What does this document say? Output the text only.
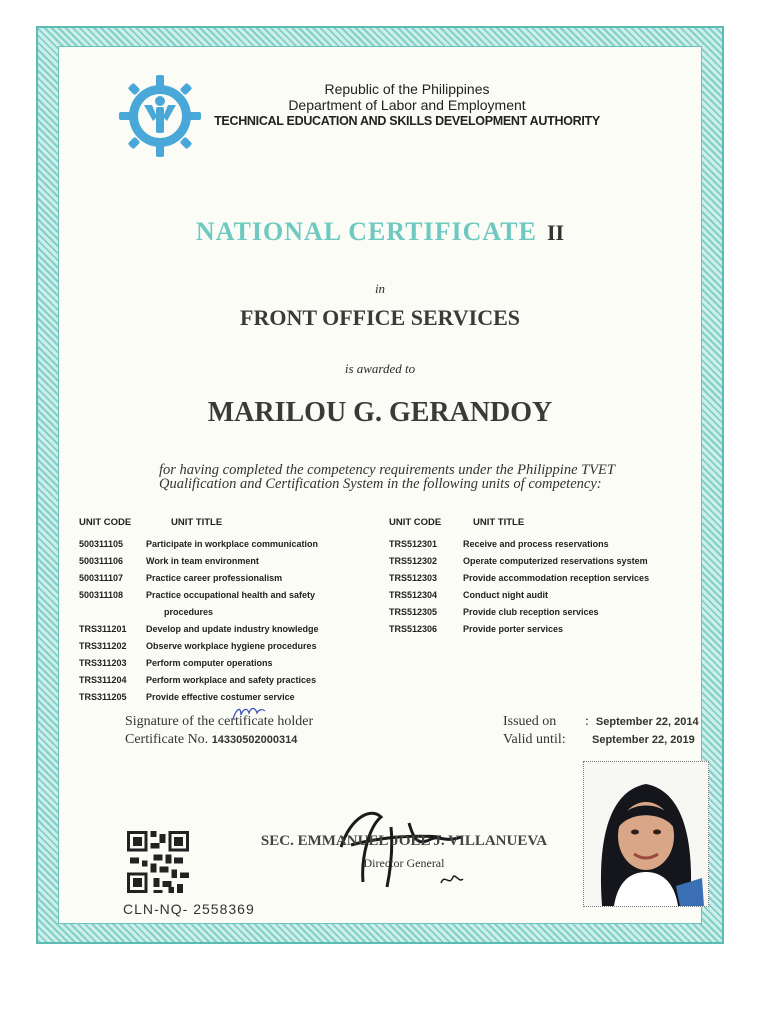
Republic of the Philippines
Department of Labor and Employment
TECHNICAL EDUCATION AND SKILLS DEVELOPMENT AUTHORITY
NATIONAL CERTIFICATE II
in
FRONT OFFICE SERVICES
is awarded to
MARILOU G. GERANDOY
for having completed the competency requirements under the Philippine TVET Qualification and Certification System in the following units of competency:
UNIT CODE	UNIT TITLE
500311105	Participate in workplace communication
500311106	Work in team environment
500311107	Practice career professionalism
500311108	Practice occupational health and safety
procedures
TRS311201 Develop and update industry knowledge
TRS311202 Observe workplace hygiene procedures
TRS311203 Perform computer operations
TRS311204 Perform workplace and safety practices
TRS311205 Provide effective costumer service
UNIT CODE	UNIT TITLE
TRS512301	Receive and process reservations
TRS512302	Operate computerized reservations system
TRS512303	Provide accommodation reception services
TRS512304	Conduct night audit
TRS512305	Provide club reception services
TRS512306	Provide porter services
Signature of the certificate holder
Certificate No. 14330502000314
Issued on	:
September 22, 2014
Valid until:
	September 22, 2019
SEC. EMMANUEL JOEL J. VILLANUEVA
Director General
CLN-NQ- 2558369
